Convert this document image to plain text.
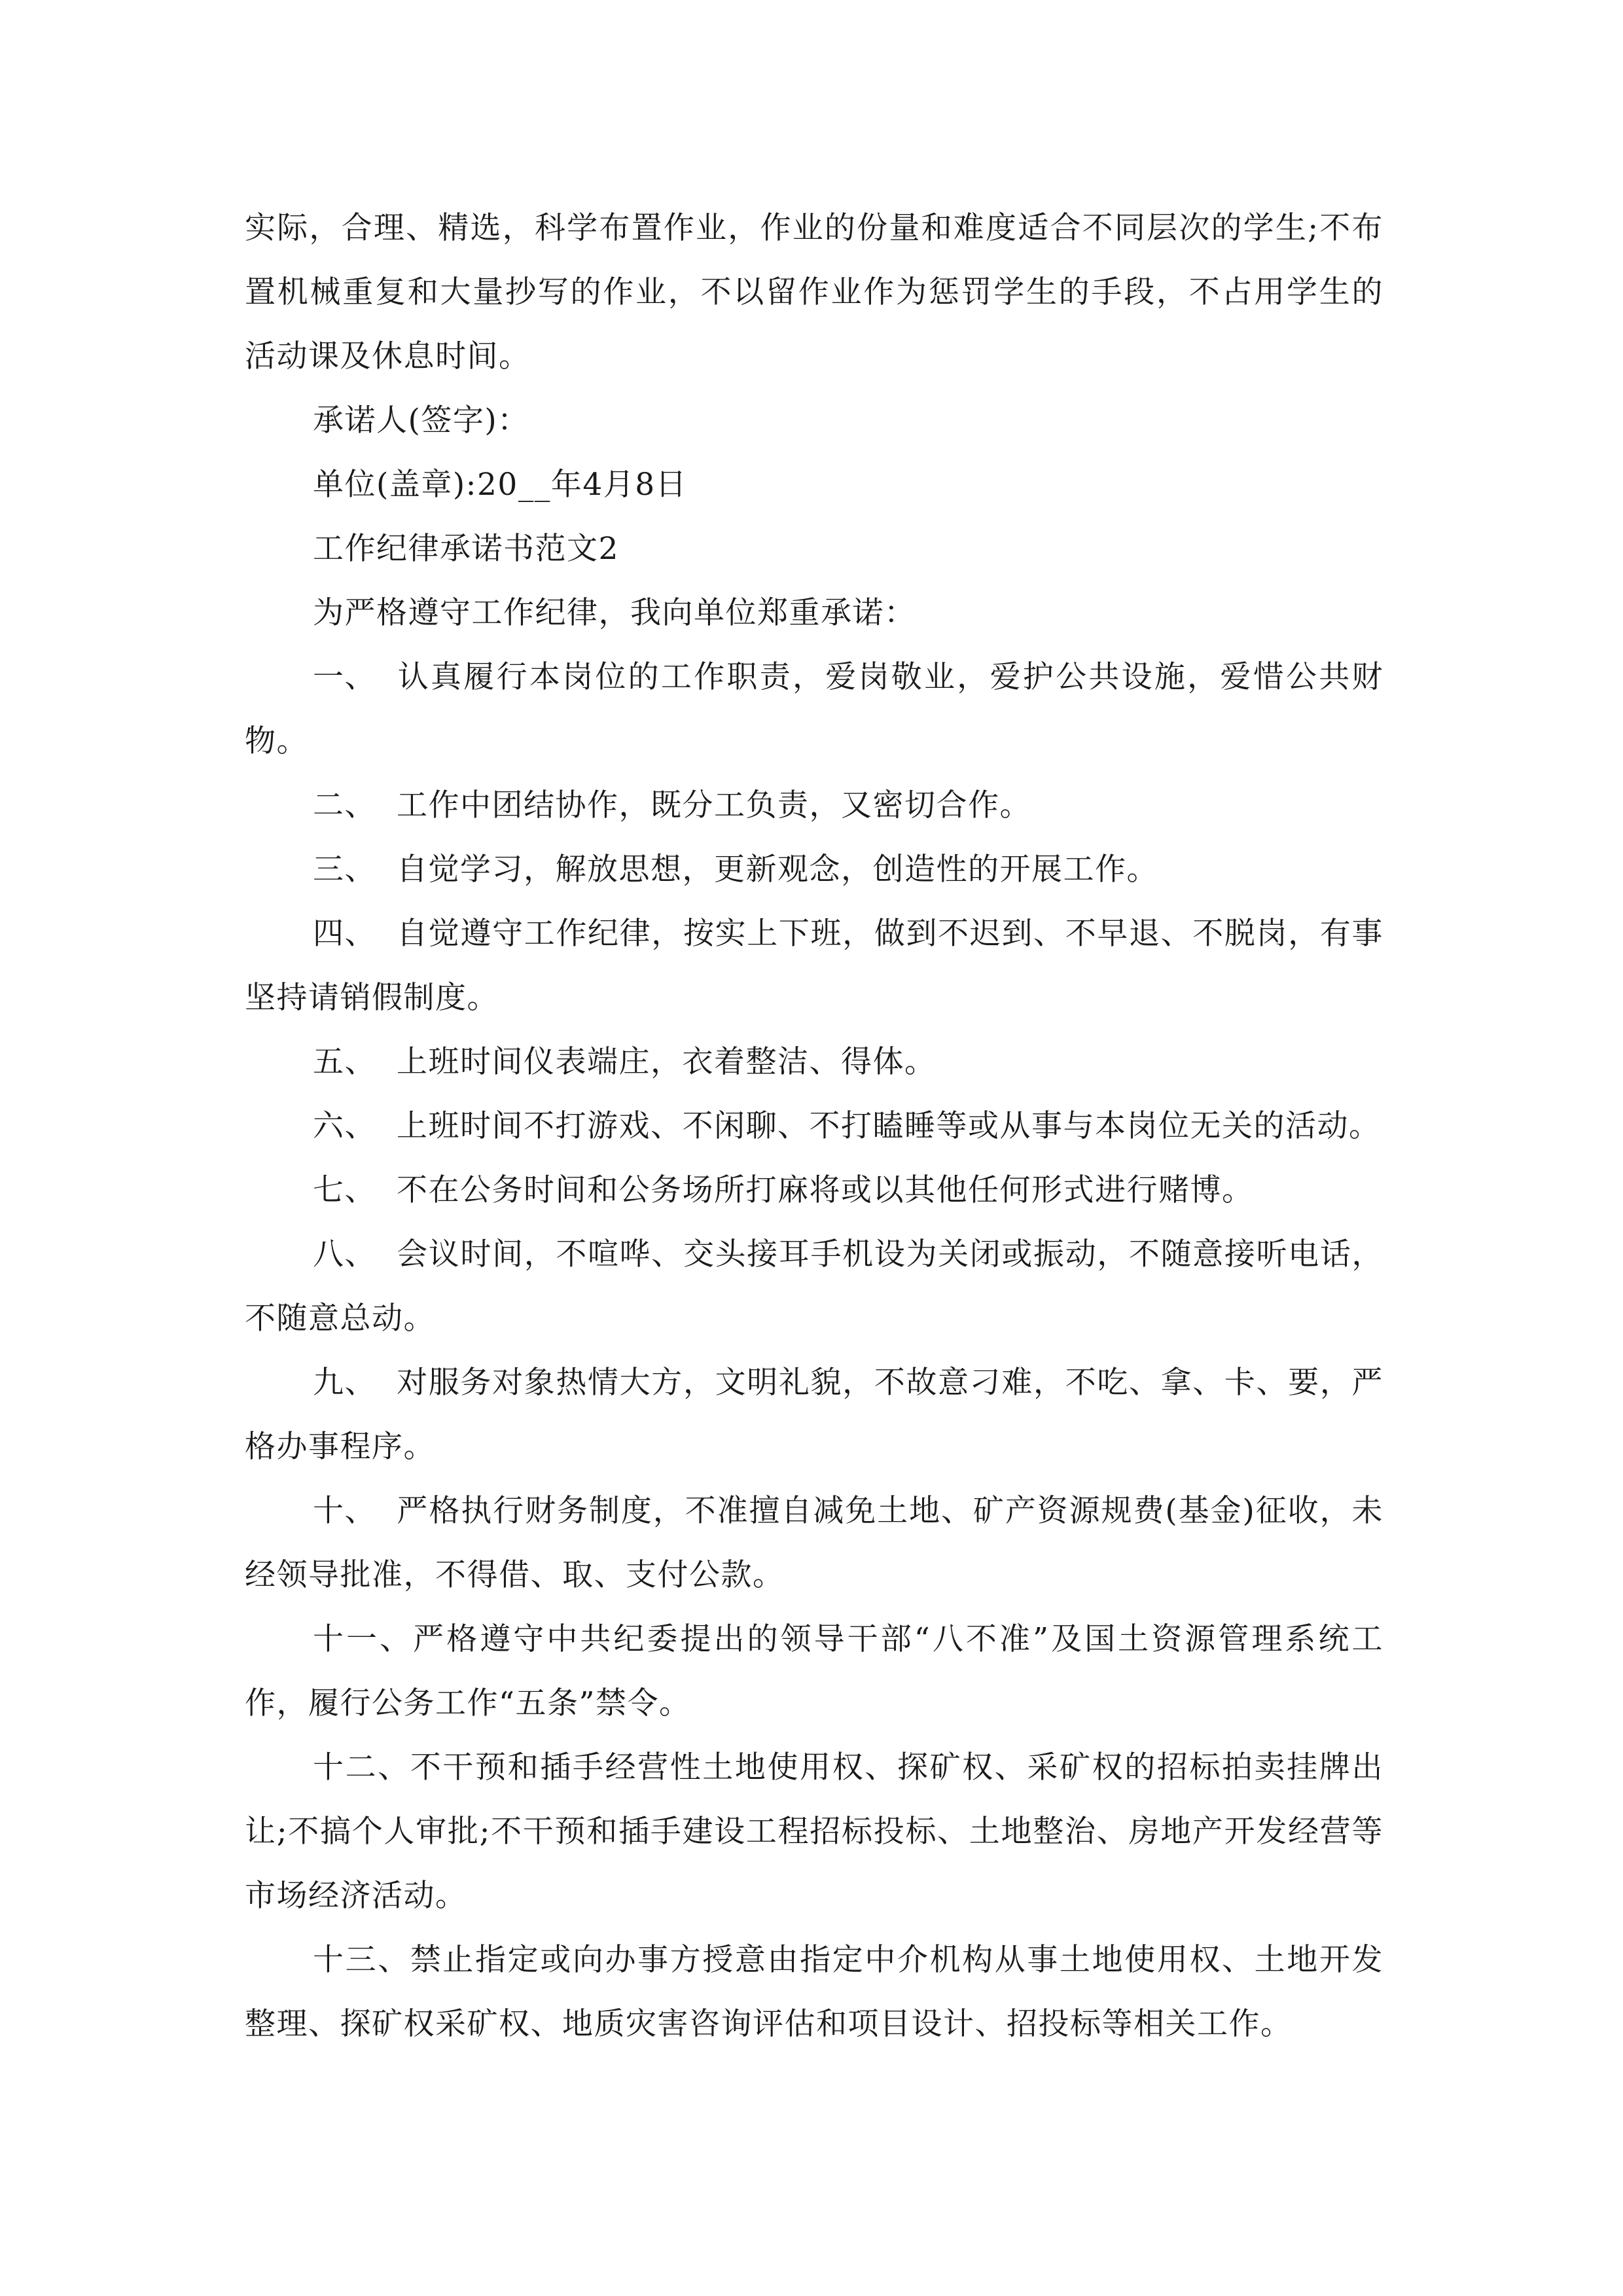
实际，合理、精选，科学布置作业，作业的份量和难度适合不同层次的学生;不布置机械重复和大量抄写的作业，不以留作业作为惩罚学生的手段，不占用学生的活动课及休息时间。

承诺人(签字)：

单位(盖章):20__年4月8日

工作纪律承诺书范文2

为严格遵守工作纪律，我向单位郑重承诺：

一、 认真履行本岗位的工作职责，爱岗敬业，爱护公共设施，爱惜公共财物。

二、 工作中团结协作，既分工负责，又密切合作。

三、 自觉学习，解放思想，更新观念，创造性的开展工作。

四、 自觉遵守工作纪律，按实上下班，做到不迟到、不早退、不脱岗，有事坚持请销假制度。

五、 上班时间仪表端庄，衣着整洁、得体。

六、 上班时间不打游戏、不闲聊、不打瞌睡等或从事与本岗位无关的活动。

七、 不在公务时间和公务场所打麻将或以其他任何形式进行赌博。

八、 会议时间，不喧哗、交头接耳手机设为关闭或振动，不随意接听电话，不随意总动。

九、 对服务对象热情大方，文明礼貌，不故意刁难，不吃、拿、卡、要，严格办事程序。

十、 严格执行财务制度，不准擅自减免土地、矿产资源规费(基金)征收，未经领导批准，不得借、取、支付公款。

十一、严格遵守中共纪委提出的领导干部“八不准”及国土资源管理系统工作，履行公务工作“五条”禁令。

十二、不干预和插手经营性土地使用权、探矿权、采矿权的招标拍卖挂牌出让;不搞个人审批;不干预和插手建设工程招标投标、土地整治、房地产开发经营等市场经济活动。

十三、禁止指定或向办事方授意由指定中介机构从事土地使用权、土地开发整理、探矿权采矿权、地质灾害咨询评估和项目设计、招投标等相关工作。
